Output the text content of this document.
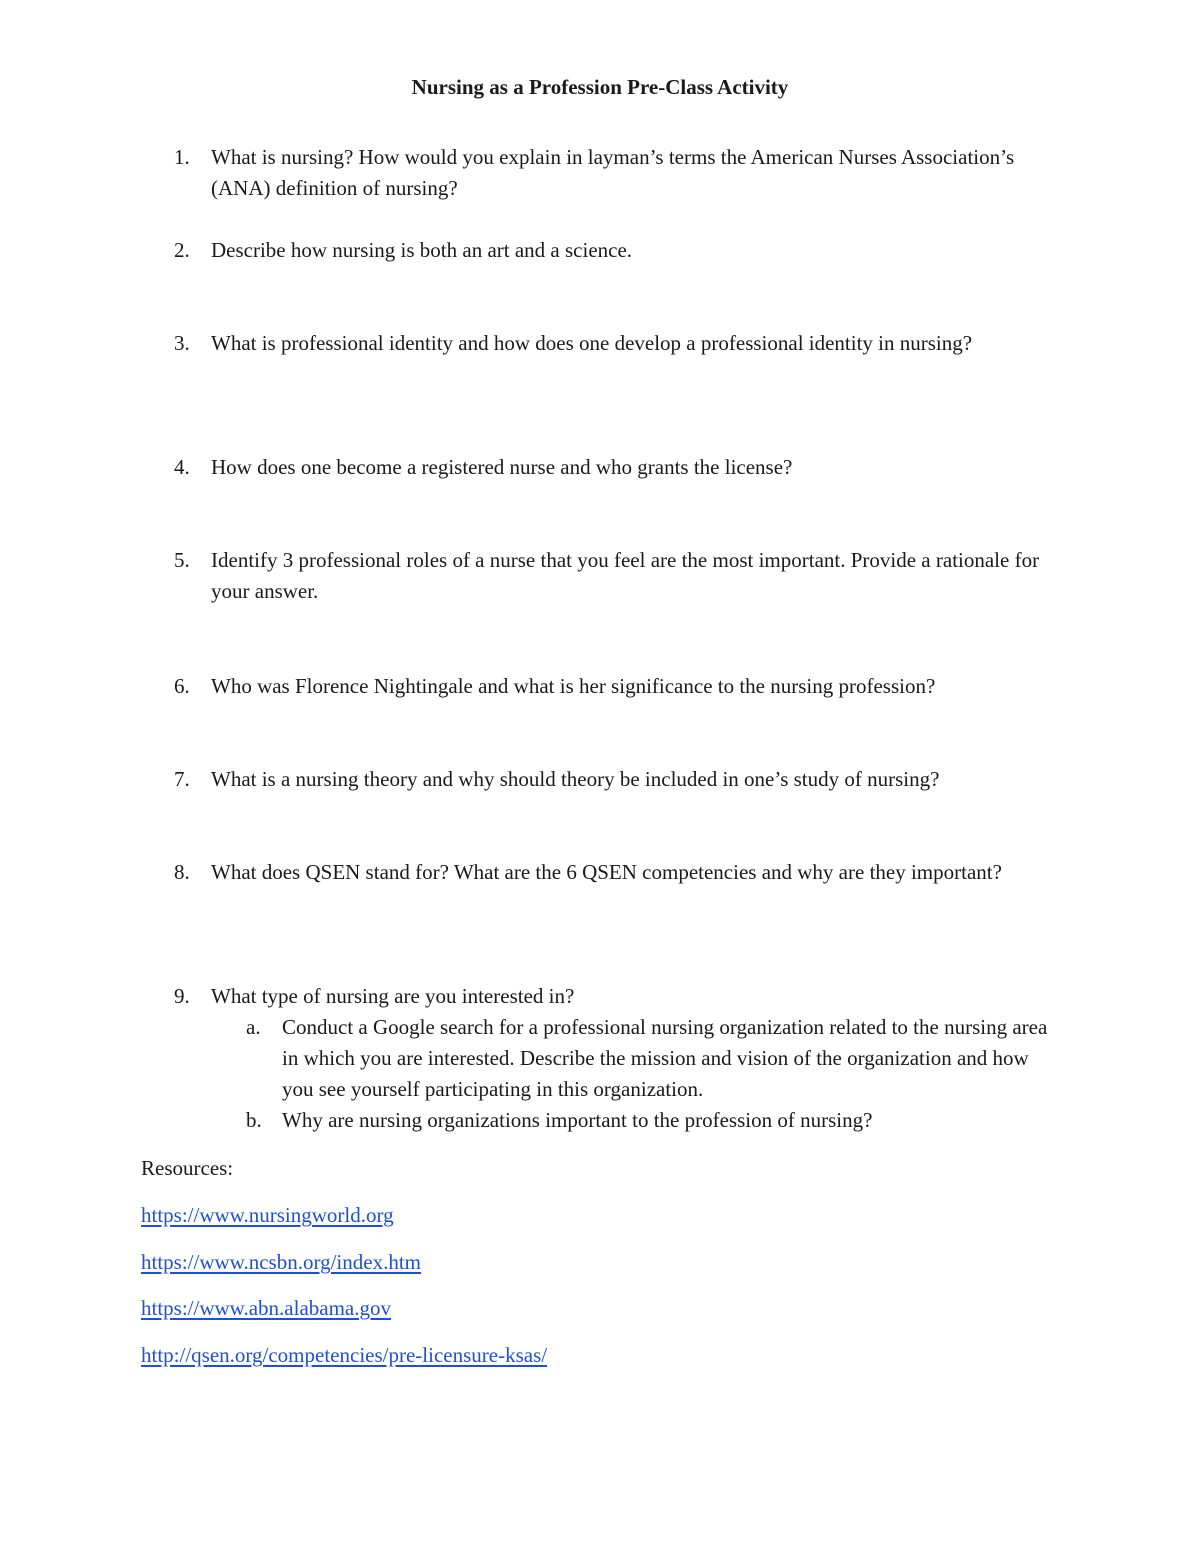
Nursing as a Profession Pre-Class Activity
1.	What is nursing? How would you explain in layman’s terms the American Nurses Association’s (ANA) definition of nursing?
2.	Describe how nursing is both an art and a science.
3.	What is professional identity and how does one develop a professional identity in nursing?
4.	How does one become a registered nurse and who grants the license?
5.	Identify 3 professional roles of a nurse that you feel are the most important. Provide a rationale for your answer.
6.	Who was Florence Nightingale and what is her significance to the nursing profession?
7.	What is a nursing theory and why should theory be included in one’s study of nursing?
8.	What does QSEN stand for? What are the 6 QSEN competencies and why are they important?
9.	What type of nursing are you interested in?
a.	Conduct a Google search for a professional nursing organization related to the nursing area in which you are interested. Describe the mission and vision of the organization and how you see yourself participating in this organization.
b. Why are nursing organizations important to the profession of nursing?
Resources:
https://www.nursingworld.org
https://www.ncsbn.org/index.htm
https://www.abn.alabama.gov
http://qsen.org/competencies/pre-licensure-ksas/
